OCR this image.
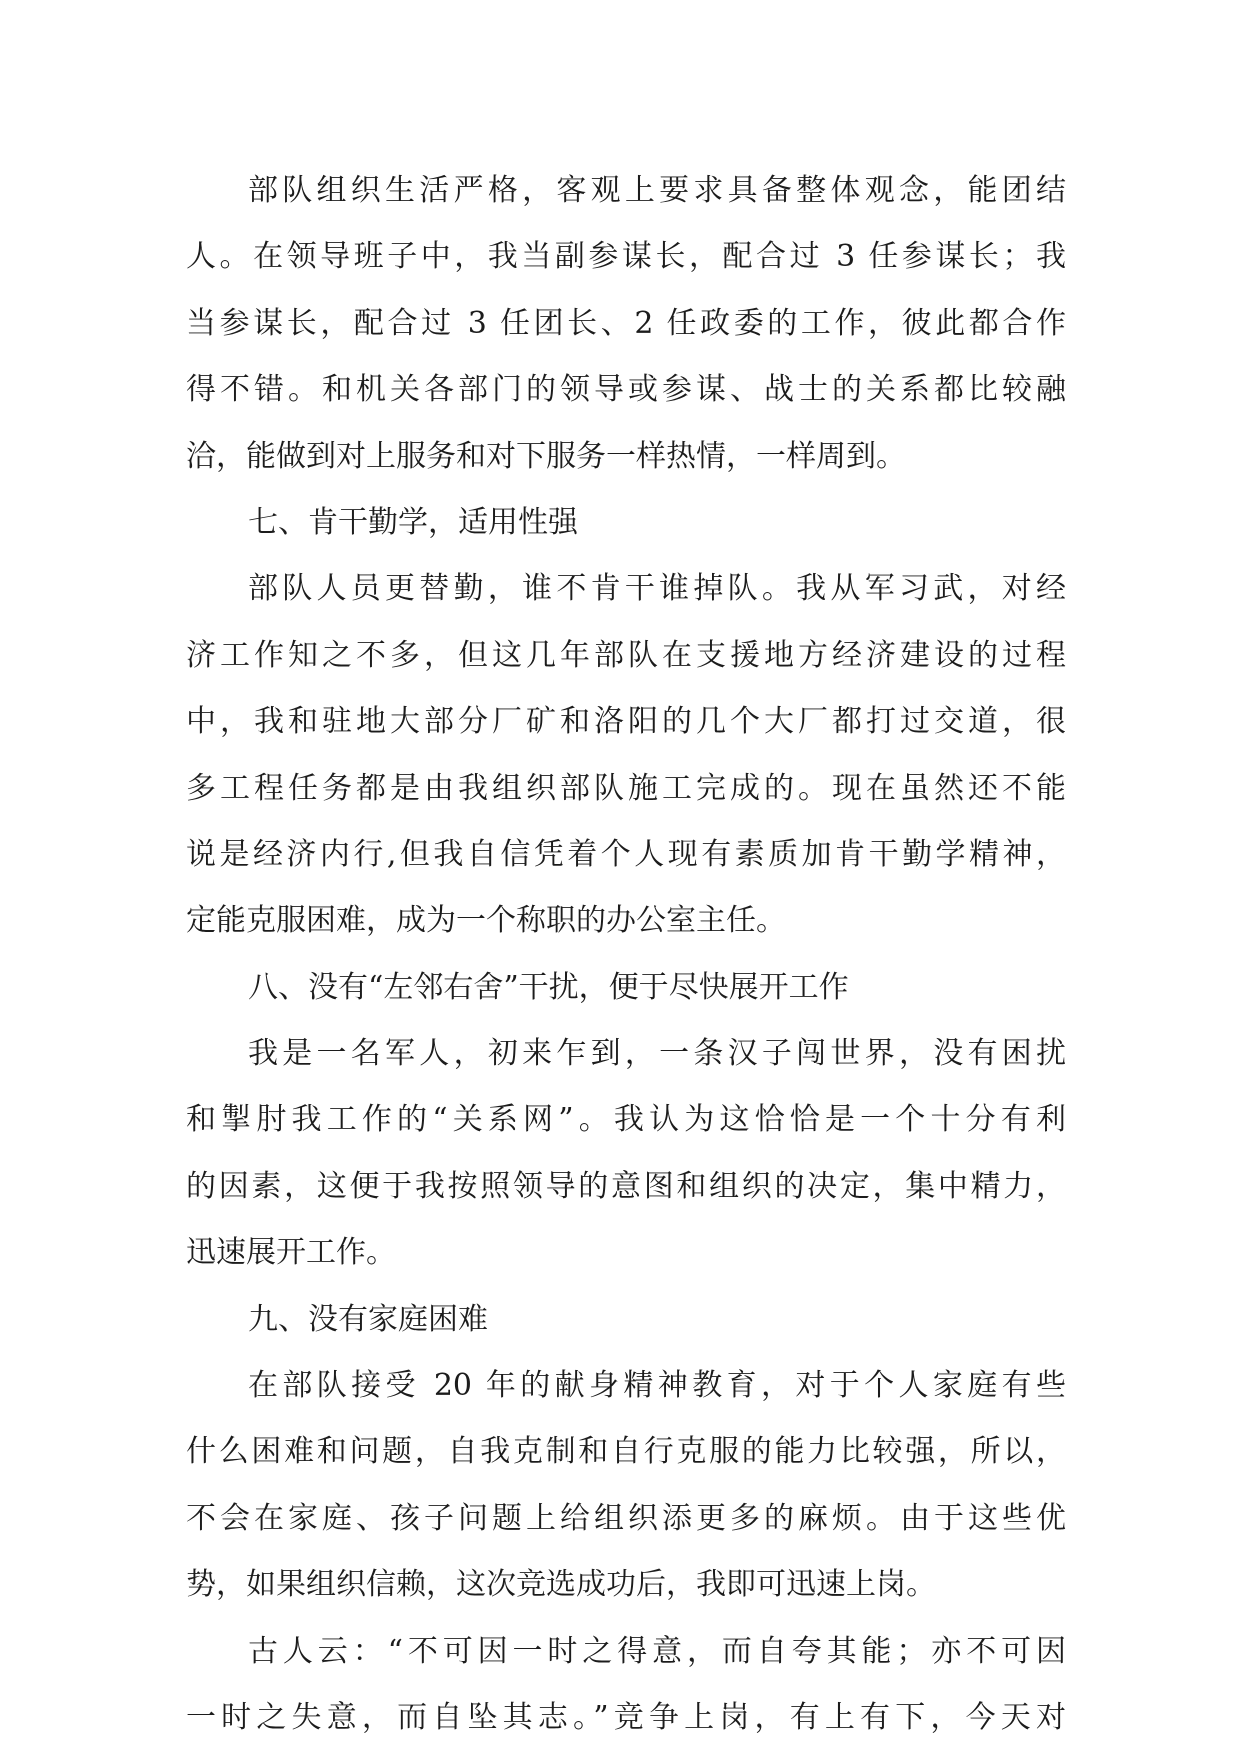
部队组织生活严格，客观上要求具备整体观念，能团结
人。在领导班子中，我当副参谋长，配合过 3 任参谋长；我
当参谋长，配合过 3 任团长、2 任政委的工作，彼此都合作
得不错。和机关各部门的领导或参谋、战士的关系都比较融
洽，能做到对上服务和对下服务一样热情，一样周到。
七、肯干勤学，适用性强
部队人员更替勤，谁不肯干谁掉队。我从军习武，对经
济工作知之不多，但这几年部队在支援地方经济建设的过程
中，我和驻地大部分厂矿和洛阳的几个大厂都打过交道，很
多工程任务都是由我组织部队施工完成的。现在虽然还不能
说是经济内行,但我自信凭着个人现有素质加肯干勤学精神，
定能克服困难，成为一个称职的办公室主任。
八、没有“左邻右舍”干扰，便于尽快展开工作
我是一名军人，初来乍到，一条汉子闯世界，没有困扰
和掣肘我工作的“关系网”。我认为这恰恰是一个十分有利
的因素，这便于我按照领导的意图和组织的决定，集中精力，
迅速展开工作。
九、没有家庭困难
在部队接受 20 年的献身精神教育，对于个人家庭有些
什么困难和问题，自我克制和自行克服的能力比较强，所以，
不会在家庭、孩子问题上给组织添更多的麻烦。由于这些优
势，如果组织信赖，这次竞选成功后，我即可迅速上岗。
古人云：“不可因一时之得意，而自夸其能；亦不可因
一时之失意，而自坠其志。”竞争上岗，有上有下，今天对
